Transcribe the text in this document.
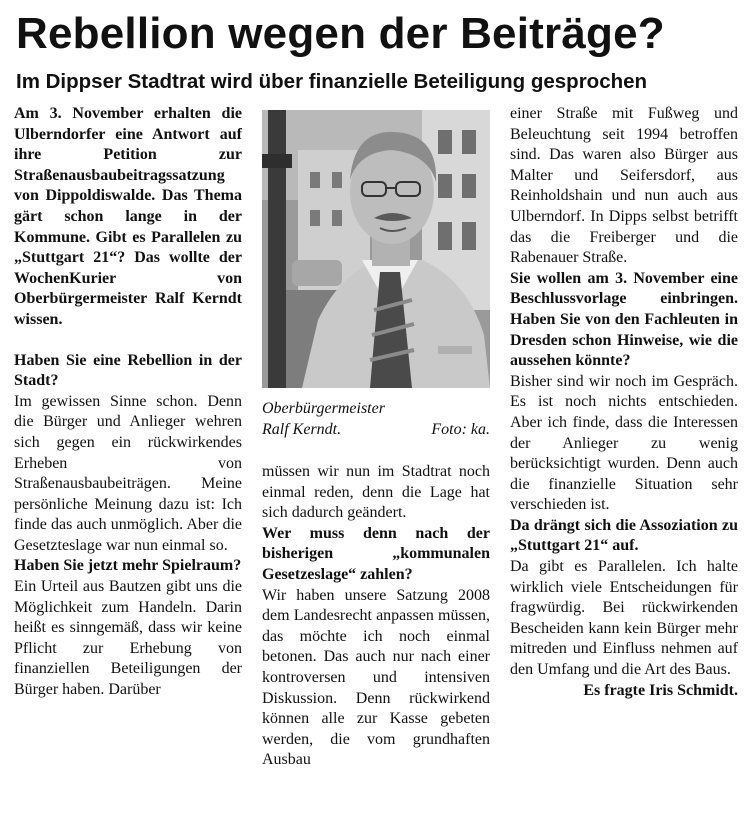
Rebellion wegen der Beiträge?
Im Dippser Stadtrat wird über finanzielle Beteiligung gesprochen

Am 3. November erhalten die Ulberndorfer eine Antwort auf ihre Petition zur Straßenausbaubeitragssatzung von Dippoldiswalde. Das Thema gärt schon lange in der Kommune. Gibt es Parallelen zu „Stuttgart 21“? Das wollte der WochenKurier von Oberbürgermeister Ralf Kerndt wissen.

Haben Sie eine Rebellion in der Stadt?

Im gewissen Sinne schon. Denn die Bürger und Anlieger wehren sich gegen ein rückwirkendes Erheben von Straßenausbaubeiträgen. Meine persönliche Meinung dazu ist: Ich finde das auch unmöglich. Aber die Gesetzteslage war nun einmal so.

Haben Sie jetzt mehr Spielraum?

Ein Urteil aus Bautzen gibt uns die Möglichkeit zum Handeln. Darin heißt es sinngemäß, dass wir keine Pflicht zur Erhebung von finanziellen Beteiligungen der Bürger haben. Darüber

Oberbürgermeister Ralf Kerndt.	Foto: ka.

müssen wir nun im Stadtrat noch einmal reden, denn die Lage hat sich dadurch geändert.

Wer muss denn nach der bisherigen „kommunalen Gesetzeslage“ zahlen?

Wir haben unsere Satzung 2008 dem Landesrecht anpassen müssen, das möchte ich noch einmal betonen. Das auch nur nach einer kontroversen und intensiven Diskussion. Denn rückwirkend können alle zur Kasse gebeten werden, die vom grundhaften Ausbau

einer Straße mit Fußweg und Beleuchtung seit 1994 betroffen sind. Das waren also Bürger aus Malter und Seifersdorf, aus Reinholdshain und nun auch aus Ulberndorf. In Dipps selbst betrifft das die Freiberger und die Rabenauer Straße.

Sie wollen am 3. November eine Beschlussvorlage einbringen. Haben Sie von den Fachleuten in Dresden schon Hinweise, wie die aussehen könnte?

Bisher sind wir noch im Gespräch. Es ist noch nichts entschieden. Aber ich finde, dass die Interessen der Anlieger zu wenig berücksichtigt wurden. Denn auch die finanzielle Situation sehr verschieden ist.

Da drängt sich die Assoziation zu „Stuttgart 21“ auf.

Da gibt es Parallelen. Ich halte wirklich viele Entscheidungen für fragwürdig. Bei rückwirkenden Bescheiden kann kein Bürger mehr mitreden und Einfluss nehmen auf den Umfang und die Art des Baus.

Es fragte Iris Schmidt.
